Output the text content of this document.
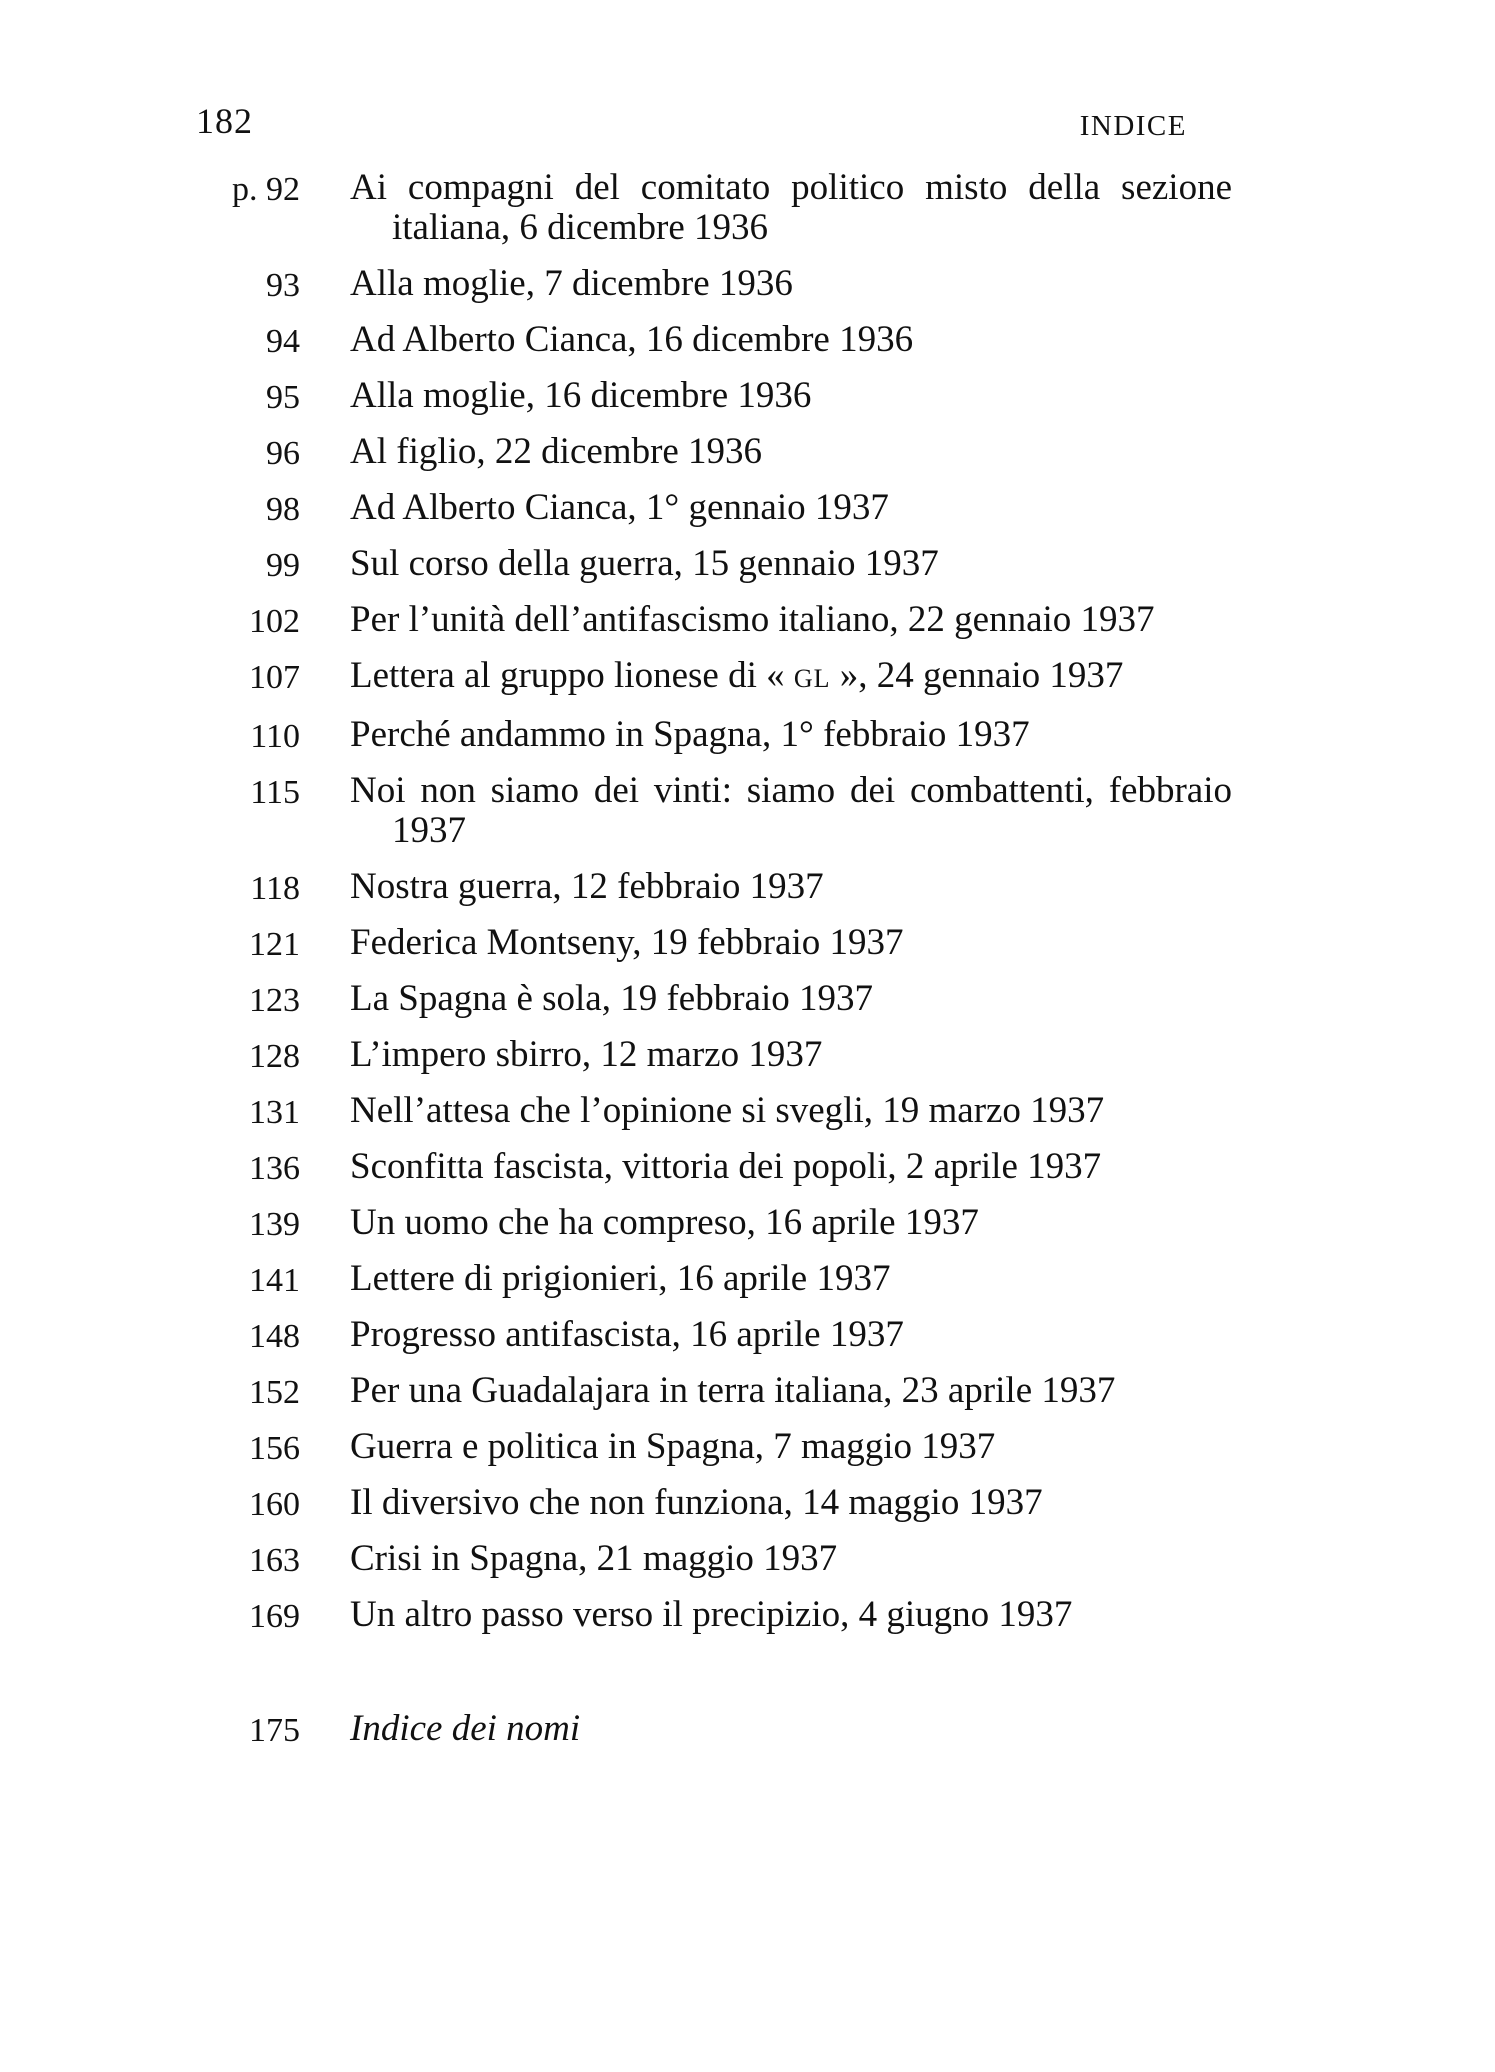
182	INDICE
p. 92 Ai compagni del comitato politico misto della sezione italiana, 6 dicembre 1936
93 Alla moglie, 7 dicembre 1936
94 Ad Alberto Cianca, 16 dicembre 1936
95 Alla moglie, 16 dicembre 1936
96 Al figlio, 22 dicembre 1936
98 Ad Alberto Cianca, 1° gennaio 1937
99 Sul corso della guerra, 15 gennaio 1937
102 Per l’unità dell’antifascismo italiano, 22 gennaio 1937
107 Lettera al gruppo lionese di « GL », 24 gennaio 1937
110 Perché andammo in Spagna, 1° febbraio 1937
115 Noi non siamo dei vinti: siamo dei combattenti, febbraio 1937
118 Nostra guerra, 12 febbraio 1937
121 Federica Montseny, 19 febbraio 1937
123 La Spagna è sola, 19 febbraio 1937
128 L’impero sbirro, 12 marzo 1937
131 Nell’attesa che l’opinione si svegli, 19 marzo 1937
136 Sconfitta fascista, vittoria dei popoli, 2 aprile 1937
139 Un uomo che ha compreso, 16 aprile 1937
141 Lettere di prigionieri, 16 aprile 1937
148 Progresso antifascista, 16 aprile 1937
152 Per una Guadalajara in terra italiana, 23 aprile 1937
156 Guerra e politica in Spagna, 7 maggio 1937
160 Il diversivo che non funziona, 14 maggio 1937
163 Crisi in Spagna, 21 maggio 1937
169 Un altro passo verso il precipizio, 4 giugno 1937
175 Indice dei nomi
